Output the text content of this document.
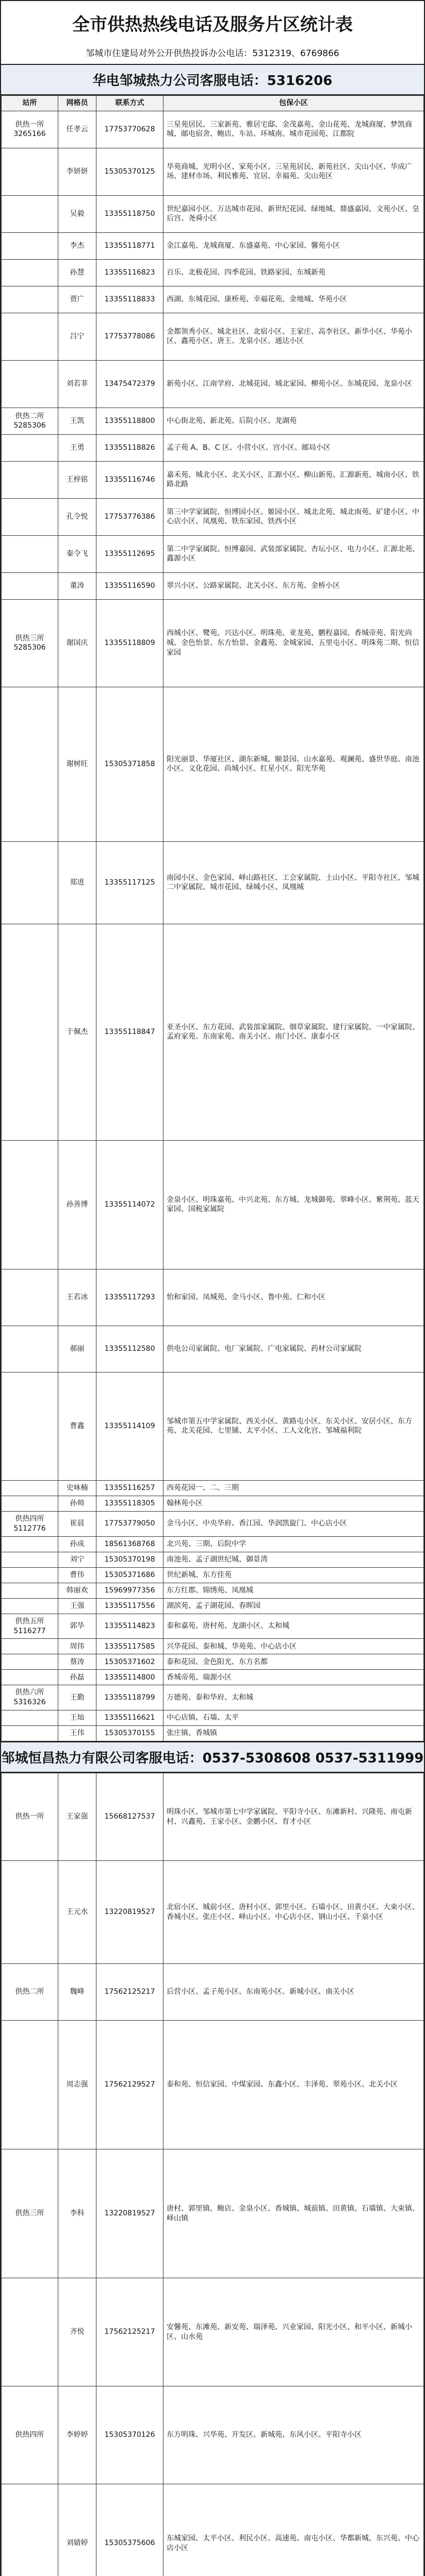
全市供热热线电话及服务片区统计表
邹城市住建局对外公开供热投诉办公电话：5312319、6769866
华电邹城热力公司客服电话：5316206
站所	网格员	联系方式	包保小区
供热一所 3265166	任孝云	17753770628	三星苑居民、三家新苑、雅居宅邸、金茂嘉苑、金山花苑、龙城商厦、梦凯商城、邮电宿舍、鲍店、车站、环城南、城市花园苑、江都院
	李妍妍	15305370125	华苑商城、光明小区、家苑小区、三星苑居民、新苑社区、尖山小区、华成广场、建材市场、利民雅苑、宜居、幸福苑、尖山苑区
	吴毅	13355118750	世纪嘉园小区、万达城市花园、新世纪花园、绿地城、鼎盛嘉园、文苑小区、皇后宫、尧舜小区
	李杰	13355118771	金江嘉苑、龙城商厦、东盛嘉苑、中心家园、馨苑小区
	孙慧	13355116823	百乐、北极花园、四季花园、铁路家园、东城新苑
	贾广	13355118833	西湖、东城花园、康桥苑、幸福花苑、金地城、华苑小区
	吕宁	17753778086	金都领秀小区、城北社区、北宿小区、王家庄、高李社区、新华小区、华苑小区、鑫苑小区、唐王、龙泉小区、通达小区
	刘若菲	13475472379	新苑小区、江南学府、北城花园、城北家园、柳苑小区、东城花园、龙泉小区
供热二所 5285306	王凯	13355118800	中心街北苑、新北苑、后院小区、龙湖苑
	王勇	13355118826	孟子苑 A、B、C 区、小营小区、宫小区、邮局小区
	王梓铭	13355116746	嘉禾苑、城北小区、北关小区、汇源小区、柳山新苑、汇源新苑、城南小区、铁路北路
	孔令悦	17753776386	第三中学家属院、恒博园小区、姬园小区、城北北苑、城北南苑、矿建小区、中心店小区、凤凰苑、铁东家园、铁西小区
	秦令飞	13355112695	第二中学家属院、恒博嘉园、武装部家属院、杏坛小区、电力小区、汇源北苑、鑫源小区
	董涛	13355116590	翠兴小区、公路家属院、北关小区、东方苑、金桥小区
供热三所 5285306	谢国庆	13355118809	西城小区、鹭苑、兴达小区、明珠苑、亚龙苑、鹏程嘉园、香城帝苑、阳光尚城、金色怡景、东方怡景、金鑫苑、金城家园、五里屯小区、明珠苑二期、恒信家园
	谢树旺	15305371858	阳光丽景、华厦社区、湖东新城、颐景园、山水嘉苑、观澜苑、盛世华庭、南池小区、文化花园、尚城小区、红星小区、阳光华苑
	郑进	13355117125	南园小区、金色家园、峄山路社区、工会家属院、土山小区、平阳寺社区、邹城二中家属院、城市花园、绿城小区、凤凰城
	于佩杰	13355118847	亚圣小区、东方花园、武装部家属院、烟草家属院、建行家属院、一中家属院、孟府家苑、东南家苑、南关小区、南门小区、康泰小区
	孙善博	13355114072	金泉小区、明珠嘉苑、中兴北苑、东方城、龙城御苑、翠峰小区、紫荆苑、蓝天家园、国税家属院
	王若冰	13355117293	怡和家园、凤城苑、金马小区、鲁中苑、仁和小区
	郝丽	13355112580	供电公司家属院、电厂家属院、广电家属院、药材公司家属院
	曹鑫	13355114109	邹城市第五中学家属院、西关小区、黄路屯小区、东关小区、安居小区、东方苑、北关花园、七里铺、太平小区、工人文化宫、邹城福利院
	史咏楠	13355116257	西苑花园一、二、三期
	孙帅	13355118305	翰林苑小区
供热四所 5112776	崔晨	17753779050	金马小区、中央华府、香江园、华润凯旋门、中心店小区
	孙成	18561368768	北兴苑、三期、后院中学
	刘宁	15305370198	南池苑、孟子湖世纪城、御景湾
	曹伟	15305371686	世纪新城、东方佳苑
	韩丽欢	15969977356	东方红郡、锦绣苑、凤凰城
	王强	13355117556	湖滨苑、孟子湖花园、春晖园
供热五所 5116277	郭华	13355114823	泰和嘉苑、唐村苑、龙湖小区、太和城
	周伟	13355117585	兴华花园、泰和城、华苑苑、中心店小区
	蔡涛	15305371602	泰和花园、金色阳光、东方名都
	孙磊	13355114800	香城帝苑、瑞源小区
供热六所 5316326	王勤	13355118799	万德苑、泰和华府、太和城
	王灿	13355116621	中心店镇、石墙、太平
	王伟	15305370155	张庄镇、香城镇
邹城恒昌热力有限公司客服电话：0537-5308608 0537-5311999
供热一所	王家强	15668127537	明珠小区、邹城市第七中学家属院、平阳寺小区、东滩新村、兴隆苑、南屯新村、兴鑫苑、王家小区、金鹏小区、育才小区
	王元水	13220819527	北宿小区、城前小区、唐村小区、郭里小区、石墙小区、田黄小区、大束小区、香城小区、张庄小区、峄山小区、中心店小区、钢山小区、千泉小区
供热二所	魏峰	17562125217	后营小区、孟子苑小区、东南苑小区、新城小区、南关小区
	周志强	17562129527	泰和苑、恒信家园、中煤家园、东鑫小区、丰泽苑、翠苑小区、北关小区
供热三所	李科	13220819527	唐村、郭里镇、鲍店、金泉小区、香城镇、城前镇、田黄镇、石墙镇、大束镇、峄山镇
	齐悦	17562125217	安馨苑、东滩苑、新安苑、瑞泽苑、兴业家园、阳光小区、和平小区、新城小区、山水苑
供热四所	李婷婷	15305370126	东方明珠、兴华苑、开发区、新城苑、东风小区、平阳寺小区
	刘婧婷	15305375606	东城家园、太平小区、利民小区、高速苑、南屯小区、华都新城、东兴苑、中心店小区
